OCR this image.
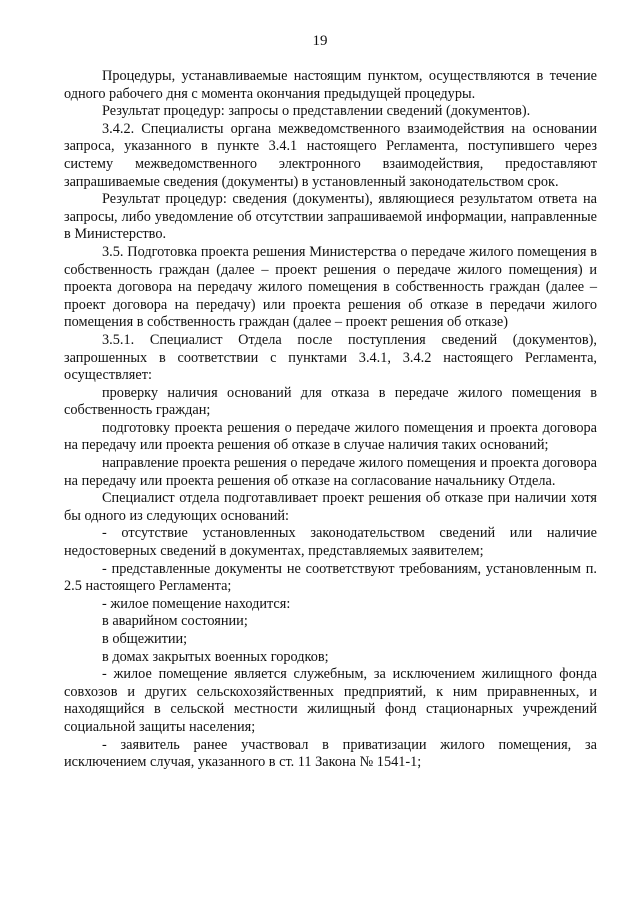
19

Процедуры, устанавливаемые настоящим пунктом, осуществляются в течение одного рабочего дня с момента окончания предыдущей процедуры.

Результат процедур: запросы о представлении сведений (документов).

3.4.2. Специалисты органа межведомственного взаимодействия на основании запроса, указанного в пункте 3.4.1 настоящего Регламента, поступившего через систему межведомственного электронного взаимодействия, предоставляют запрашиваемые сведения (документы) в установленный законодательством срок.

Результат процедур: сведения (документы), являющиеся результатом ответа на запросы, либо уведомление об отсутствии запрашиваемой информации, направленные в Министерство.

3.5. Подготовка проекта решения Министерства о передаче жилого помещения в собственность граждан (далее – проект решения о передаче жилого помещения) и проекта договора на передачу жилого помещения в собственность граждан (далее – проект договора на передачу) или проекта решения об отказе в передачи жилого помещения в собственность граждан (далее – проект решения об отказе)

3.5.1. Специалист Отдела после поступления сведений (документов), запрошенных в соответствии с пунктами 3.4.1, 3.4.2 настоящего Регламента, осуществляет:

проверку наличия оснований для отказа в передаче жилого помещения в собственность граждан;

подготовку проекта решения о передаче жилого помещения и проекта договора на передачу или проекта решения об отказе в случае наличия таких оснований;

направление проекта решения о передаче жилого помещения и проекта договора на передачу или проекта решения об отказе на согласование начальнику Отдела.

Специалист отдела подготавливает проект решения об отказе при наличии хотя бы одного из следующих оснований:

- отсутствие установленных законодательством сведений или наличие недостоверных сведений в документах, представляемых заявителем;

- представленные документы не соответствуют требованиям, установленным п. 2.5 настоящего Регламента;

- жилое помещение находится:

в аварийном состоянии;

в общежитии;

в домах закрытых военных городков;

- жилое помещение является служебным, за исключением жилищного фонда совхозов и других сельскохозяйственных предприятий, к ним приравненных, и находящийся в сельской местности жилищный фонд стационарных учреждений социальной защиты населения;

- заявитель ранее участвовал в приватизации жилого помещения, за исключением случая, указанного в ст. 11 Закона № 1541-1;
